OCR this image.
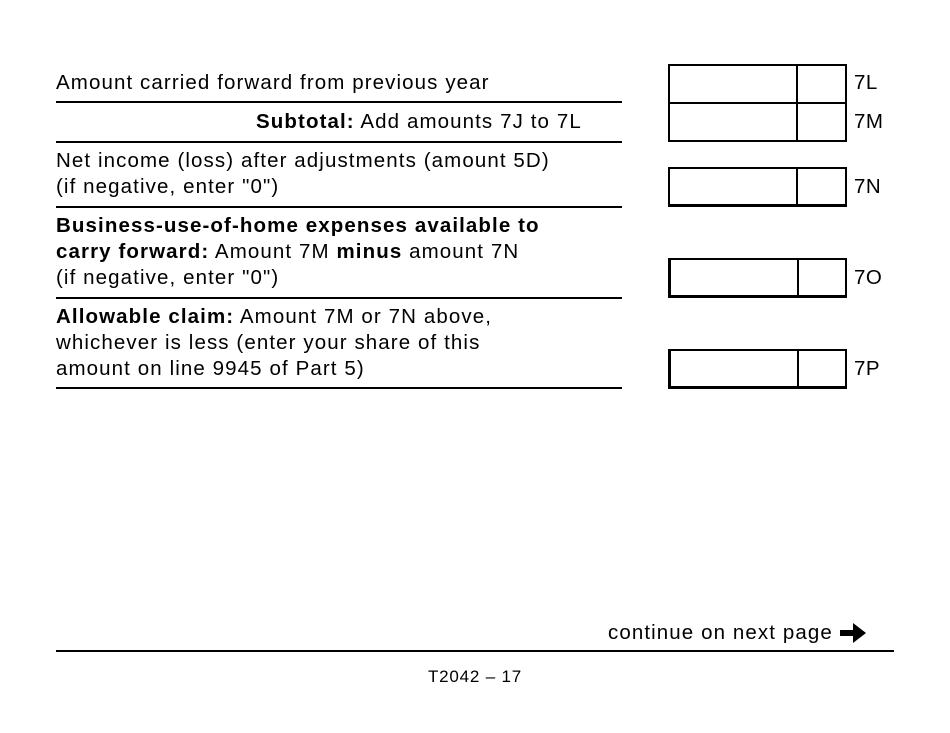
Amount carried forward from previous year	7L
Subtotal: Add amounts 7J to 7L	7M
Net income (loss) after adjustments (amount 5D)
(if negative, enter "0")	7N
Business-use-of-home expenses available to
carry forward: Amount 7M minus amount 7N
(if negative, enter "0")	7O
Allowable claim: Amount 7M or 7N above,
whichever is less (enter your share of this
amount on line 9945 of Part 5)	7P
continue on next page
T2042 – 17
